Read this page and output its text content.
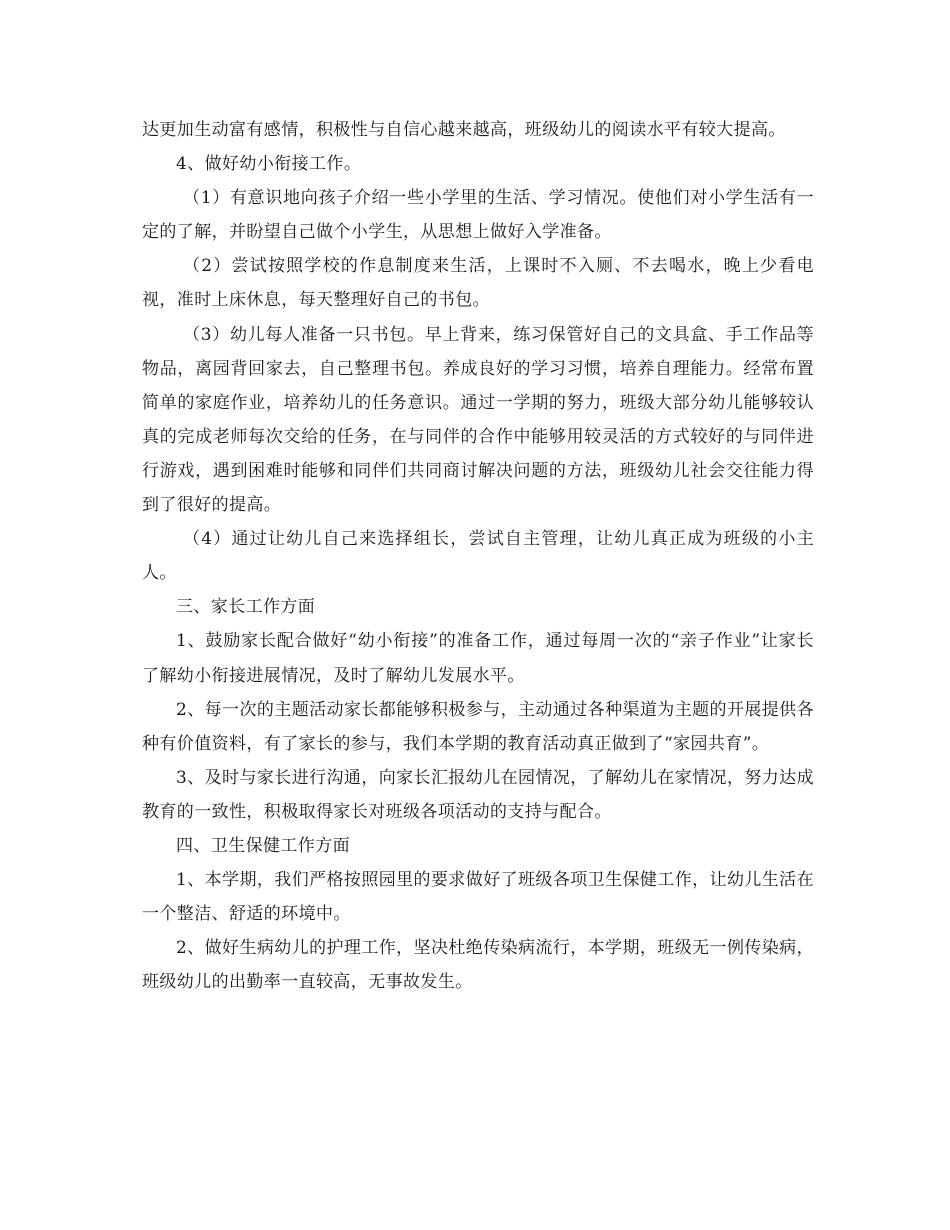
达更加生动富有感情，积极性与自信心越来越高，班级幼儿的阅读水平有较大提高。

4、做好幼小衔接工作。

（1）有意识地向孩子介绍一些小学里的生活、学习情况。使他们对小学生活有一定的了解，并盼望自己做个小学生，从思想上做好入学准备。

（2）尝试按照学校的作息制度来生活，上课时不入厕、不去喝水，晚上少看电视，准时上床休息，每天整理好自己的书包。

（3）幼儿每人准备一只书包。早上背来，练习保管好自己的文具盒、手工作品等物品，离园背回家去，自己整理书包。养成良好的学习习惯，培养自理能力。经常布置简单的家庭作业，培养幼儿的任务意识。通过一学期的努力，班级大部分幼儿能够较认真的完成老师每次交给的任务，在与同伴的合作中能够用较灵活的方式较好的与同伴进行游戏，遇到困难时能够和同伴们共同商讨解决问题的方法，班级幼儿社会交往能力得到了很好的提高。

（4）通过让幼儿自己来选择组长，尝试自主管理，让幼儿真正成为班级的小主人。

三、家长工作方面

1、鼓励家长配合做好“幼小衔接”的准备工作，通过每周一次的“亲子作业”让家长了解幼小衔接进展情况，及时了解幼儿发展水平。

2、每一次的主题活动家长都能够积极参与，主动通过各种渠道为主题的开展提供各种有价值资料，有了家长的参与，我们本学期的教育活动真正做到了“家园共育”。

3、及时与家长进行沟通，向家长汇报幼儿在园情况，了解幼儿在家情况，努力达成教育的一致性，积极取得家长对班级各项活动的支持与配合。

四、卫生保健工作方面

1、本学期，我们严格按照园里的要求做好了班级各项卫生保健工作，让幼儿生活在一个整洁、舒适的环境中。

2、做好生病幼儿的护理工作，坚决杜绝传染病流行，本学期，班级无一例传染病，班级幼儿的出勤率一直较高，无事故发生。
